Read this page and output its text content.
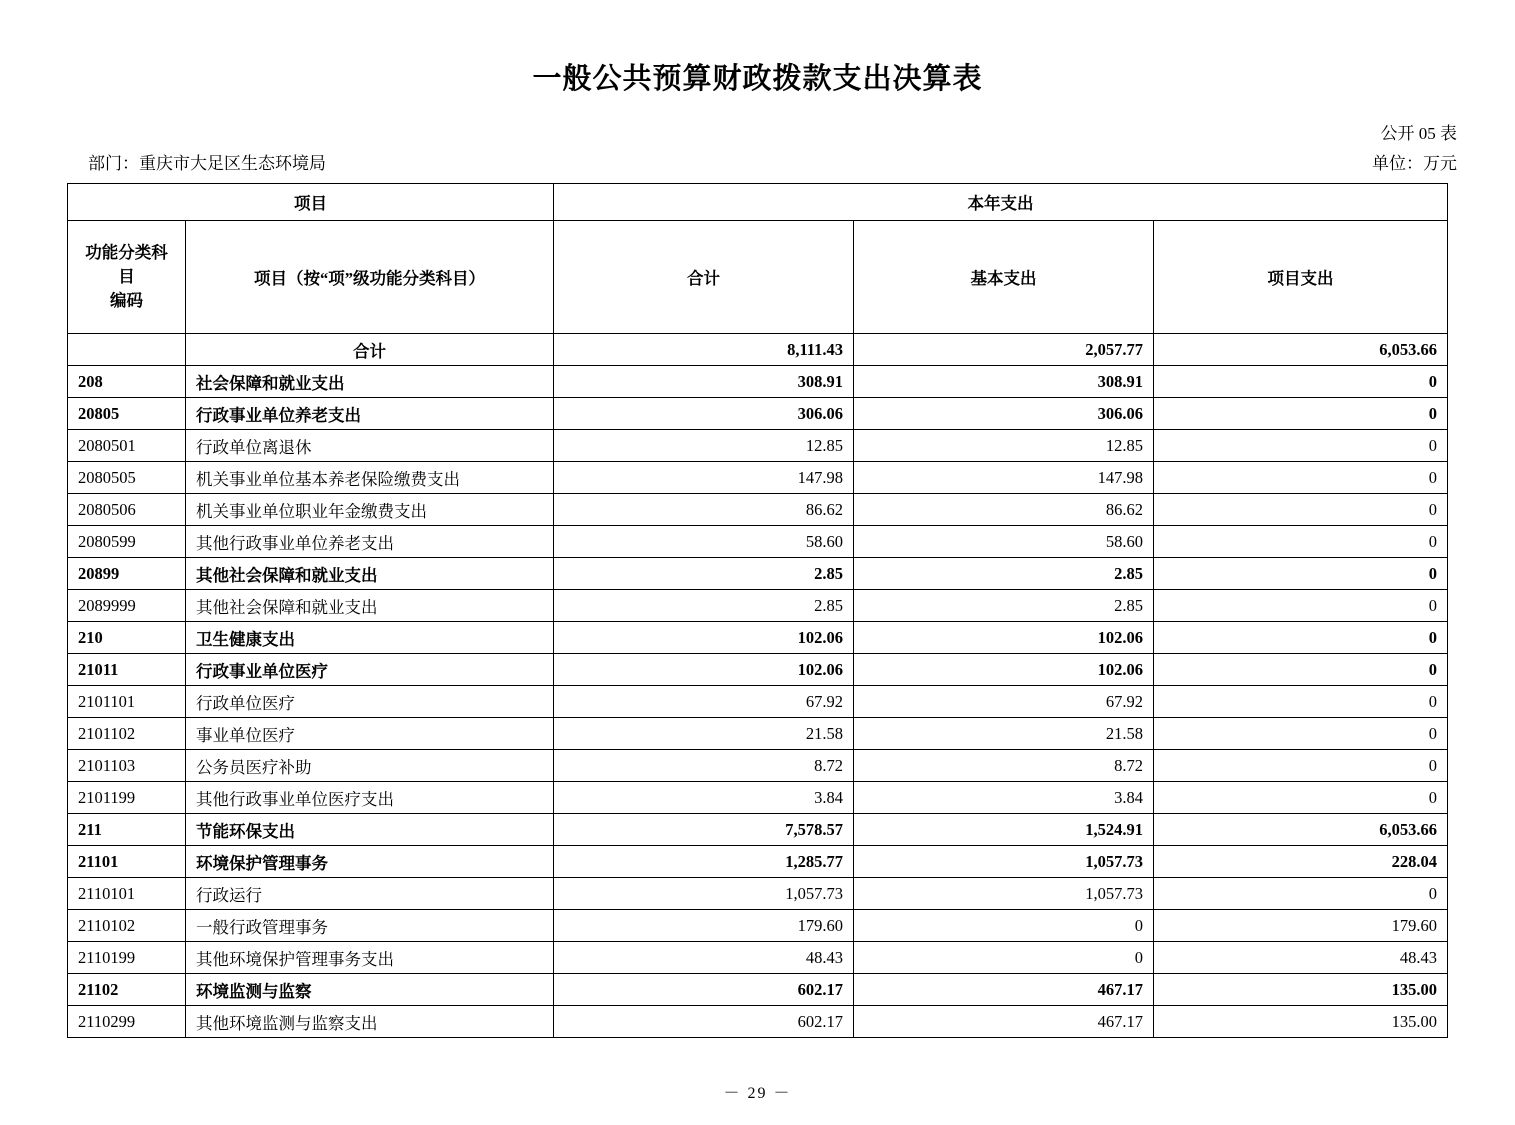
一般公共预算财政拨款支出决算表
公开 05 表
部门：重庆市大足区生态环境局	单位：万元
项目		本年支出		

功能分类科目
编码	项目（按“项”级功能分类科目）	合计	基本支出	项目支出
	合计	8,111.43	2,057.77	6,053.66
208	社会保障和就业支出	308.91	308.91	0
20805	行政事业单位养老支出	306.06	306.06	0
2080501	行政单位离退休	12.85	12.85	0
2080505	机关事业单位基本养老保险缴费支出	147.98	147.98	0
2080506	机关事业单位职业年金缴费支出	86.62	86.62	0
2080599	其他行政事业单位养老支出	58.60	58.60	0
20899	其他社会保障和就业支出	2.85	2.85	0
2089999	其他社会保障和就业支出	2.85	2.85	0
210	卫生健康支出	102.06	102.06	0
21011	行政事业单位医疗	102.06	102.06	0
2101101	行政单位医疗	67.92	67.92	0
2101102	事业单位医疗	21.58	21.58	0
2101103	公务员医疗补助	8.72	8.72	0
2101199	其他行政事业单位医疗支出	3.84	3.84	0
211	节能环保支出	7,578.57	1,524.91	6,053.66
21101	环境保护管理事务	1,285.77	1,057.73	228.04
2110101	行政运行	1,057.73	1,057.73	0
2110102	一般行政管理事务	179.60	0	179.60
2110199	其他环境保护管理事务支出	48.43	0	48.43
21102	环境监测与监察	602.17	467.17	135.00
2110299	其他环境监测与监察支出	602.17	467.17	135.00
－ 29 －
